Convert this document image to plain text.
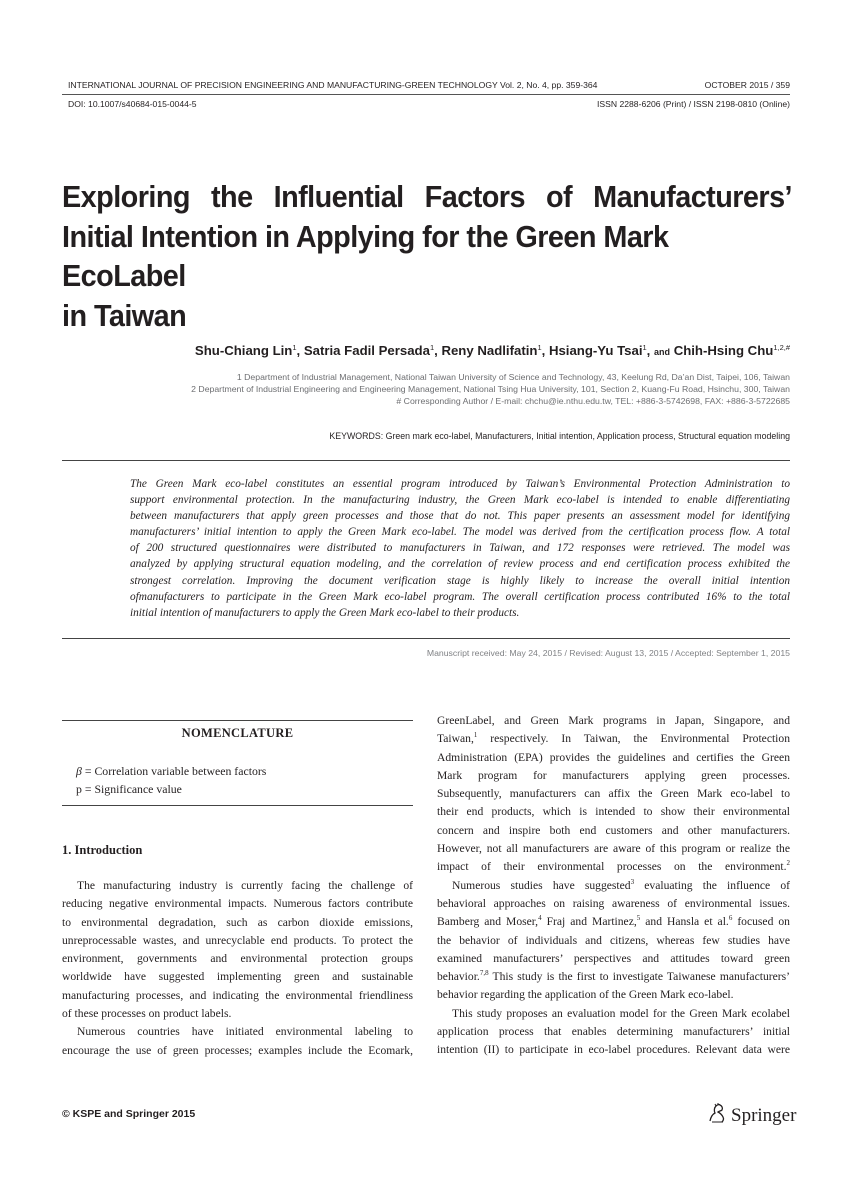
INTERNATIONAL JOURNAL OF PRECISION ENGINEERING AND MANUFACTURING-GREEN TECHNOLOGY Vol. 2, No. 4, pp. 359-364	OCTOBER 2015 / 359
DOI: 10.1007/s40684-015-0044-5	ISSN 2288-6206 (Print) / ISSN 2198-0810 (Online)
Exploring the Influential Factors of Manufacturers’
Initial Intention in Applying for the Green Mark EcoLabel
in Taiwan
Shu-Chiang Lin$^1$, Satria Fadil Persada$^1$, Reny Nadlifatin$^1$, Hsiang-Yu Tsai$^1$, and Chih-Hsing Chu$^{1,2,\#}$
1 Department of Industrial Management, National Taiwan University of Science and Technology, 43, Keelung Rd, Da’an Dist, Taipei, 106, Taiwan
2 Department of Industrial Engineering and Engineering Management, National Tsing Hua University, 101, Section 2, Kuang-Fu Road, Hsinchu, 300, Taiwan
# Corresponding Author / E-mail: chchu@ie.nthu.edu.tw, TEL: +886-3-5742698, FAX: +886-3-5722685
KEYWORDS: Green mark eco-label, Manufacturers, Initial intention, Application process, Structural equation modeling

The Green Mark eco-label constitutes an essential program introduced by Taiwan’s Environmental Protection Administration to

support environmental protection. In the manufacturing industry, the Green Mark eco-label is intended to enable differentiating

between manufacturers that apply green processes and those that do not. This paper presents an assessment model for identifying

manufacturers’ initial intention to apply the Green Mark eco-label. The model was derived from the certification process flow. A total

of 200 structured questionnaires were distributed to manufacturers in Taiwan, and 172 responses were retrieved. The model was

analyzed by applying structural equation modeling, and the correlation of review process and end certification process exhibited the

strongest correlation. Improving the document verification stage is highly likely to increase the overall initial intention

ofmanufacturers to participate in the Green Mark eco-label program. The overall certification process contributed 16% to the total

initial intention of manufacturers to apply the Green Mark eco-label to their products.

Manuscript received: May 24, 2015 / Revised: August 13, 2015 / Accepted: September 1, 2015
NOMENCLATURE
β = Correlation variable between factors
p = Significance value
1. Introduction

The manufacturing industry is currently facing the challenge of

reducing negative environmental impacts. Numerous factors contribute

to environmental degradation, such as carbon dioxide emissions,

unreprocessable wastes, and unrecyclable end products. To protect the

environment, governments and environmental protection groups

worldwide have suggested implementing green and sustainable

manufacturing processes, and indicating the environmental friendliness

of these processes on product labels.

Numerous countries have initiated environmental labeling to

encourage the use of green processes; examples include the Ecomark,

GreenLabel, and Green Mark programs in Japan, Singapore, and

Taiwan,$^1$ respectively. In Taiwan, the Environmental Protection

Administration (EPA) provides the guidelines and certifies the Green

Mark program for manufacturers applying green processes.

Subsequently, manufacturers can affix the Green Mark eco-label to

their end products, which is intended to show their environmental

concern and inspire both end customers and other manufacturers.

However, not all manufacturers are aware of this program or realize the

impact of their environmental processes on the environment.$^2$

Numerous studies have suggested$^3$ evaluating the influence of

behavioral approaches on raising awareness of environmental issues.

Bamberg and Moser,$^4$ Fraj and Martinez,$^5$ and Hansla et al.$^6$ focused on

the behavior of individuals and citizens, whereas few studies have

examined manufacturers’ perspectives and attitudes toward green

behavior.$^{7,8}$ This study is the first to investigate Taiwanese manufacturers’

behavior regarding the application of the Green Mark eco-label.

This study proposes an evaluation model for the Green Mark ecolabel

application process that enables determining manufacturers’ initial

intention (II) to participate in eco-label procedures. Relevant data were

© KSPE and Springer 2015	Springer
